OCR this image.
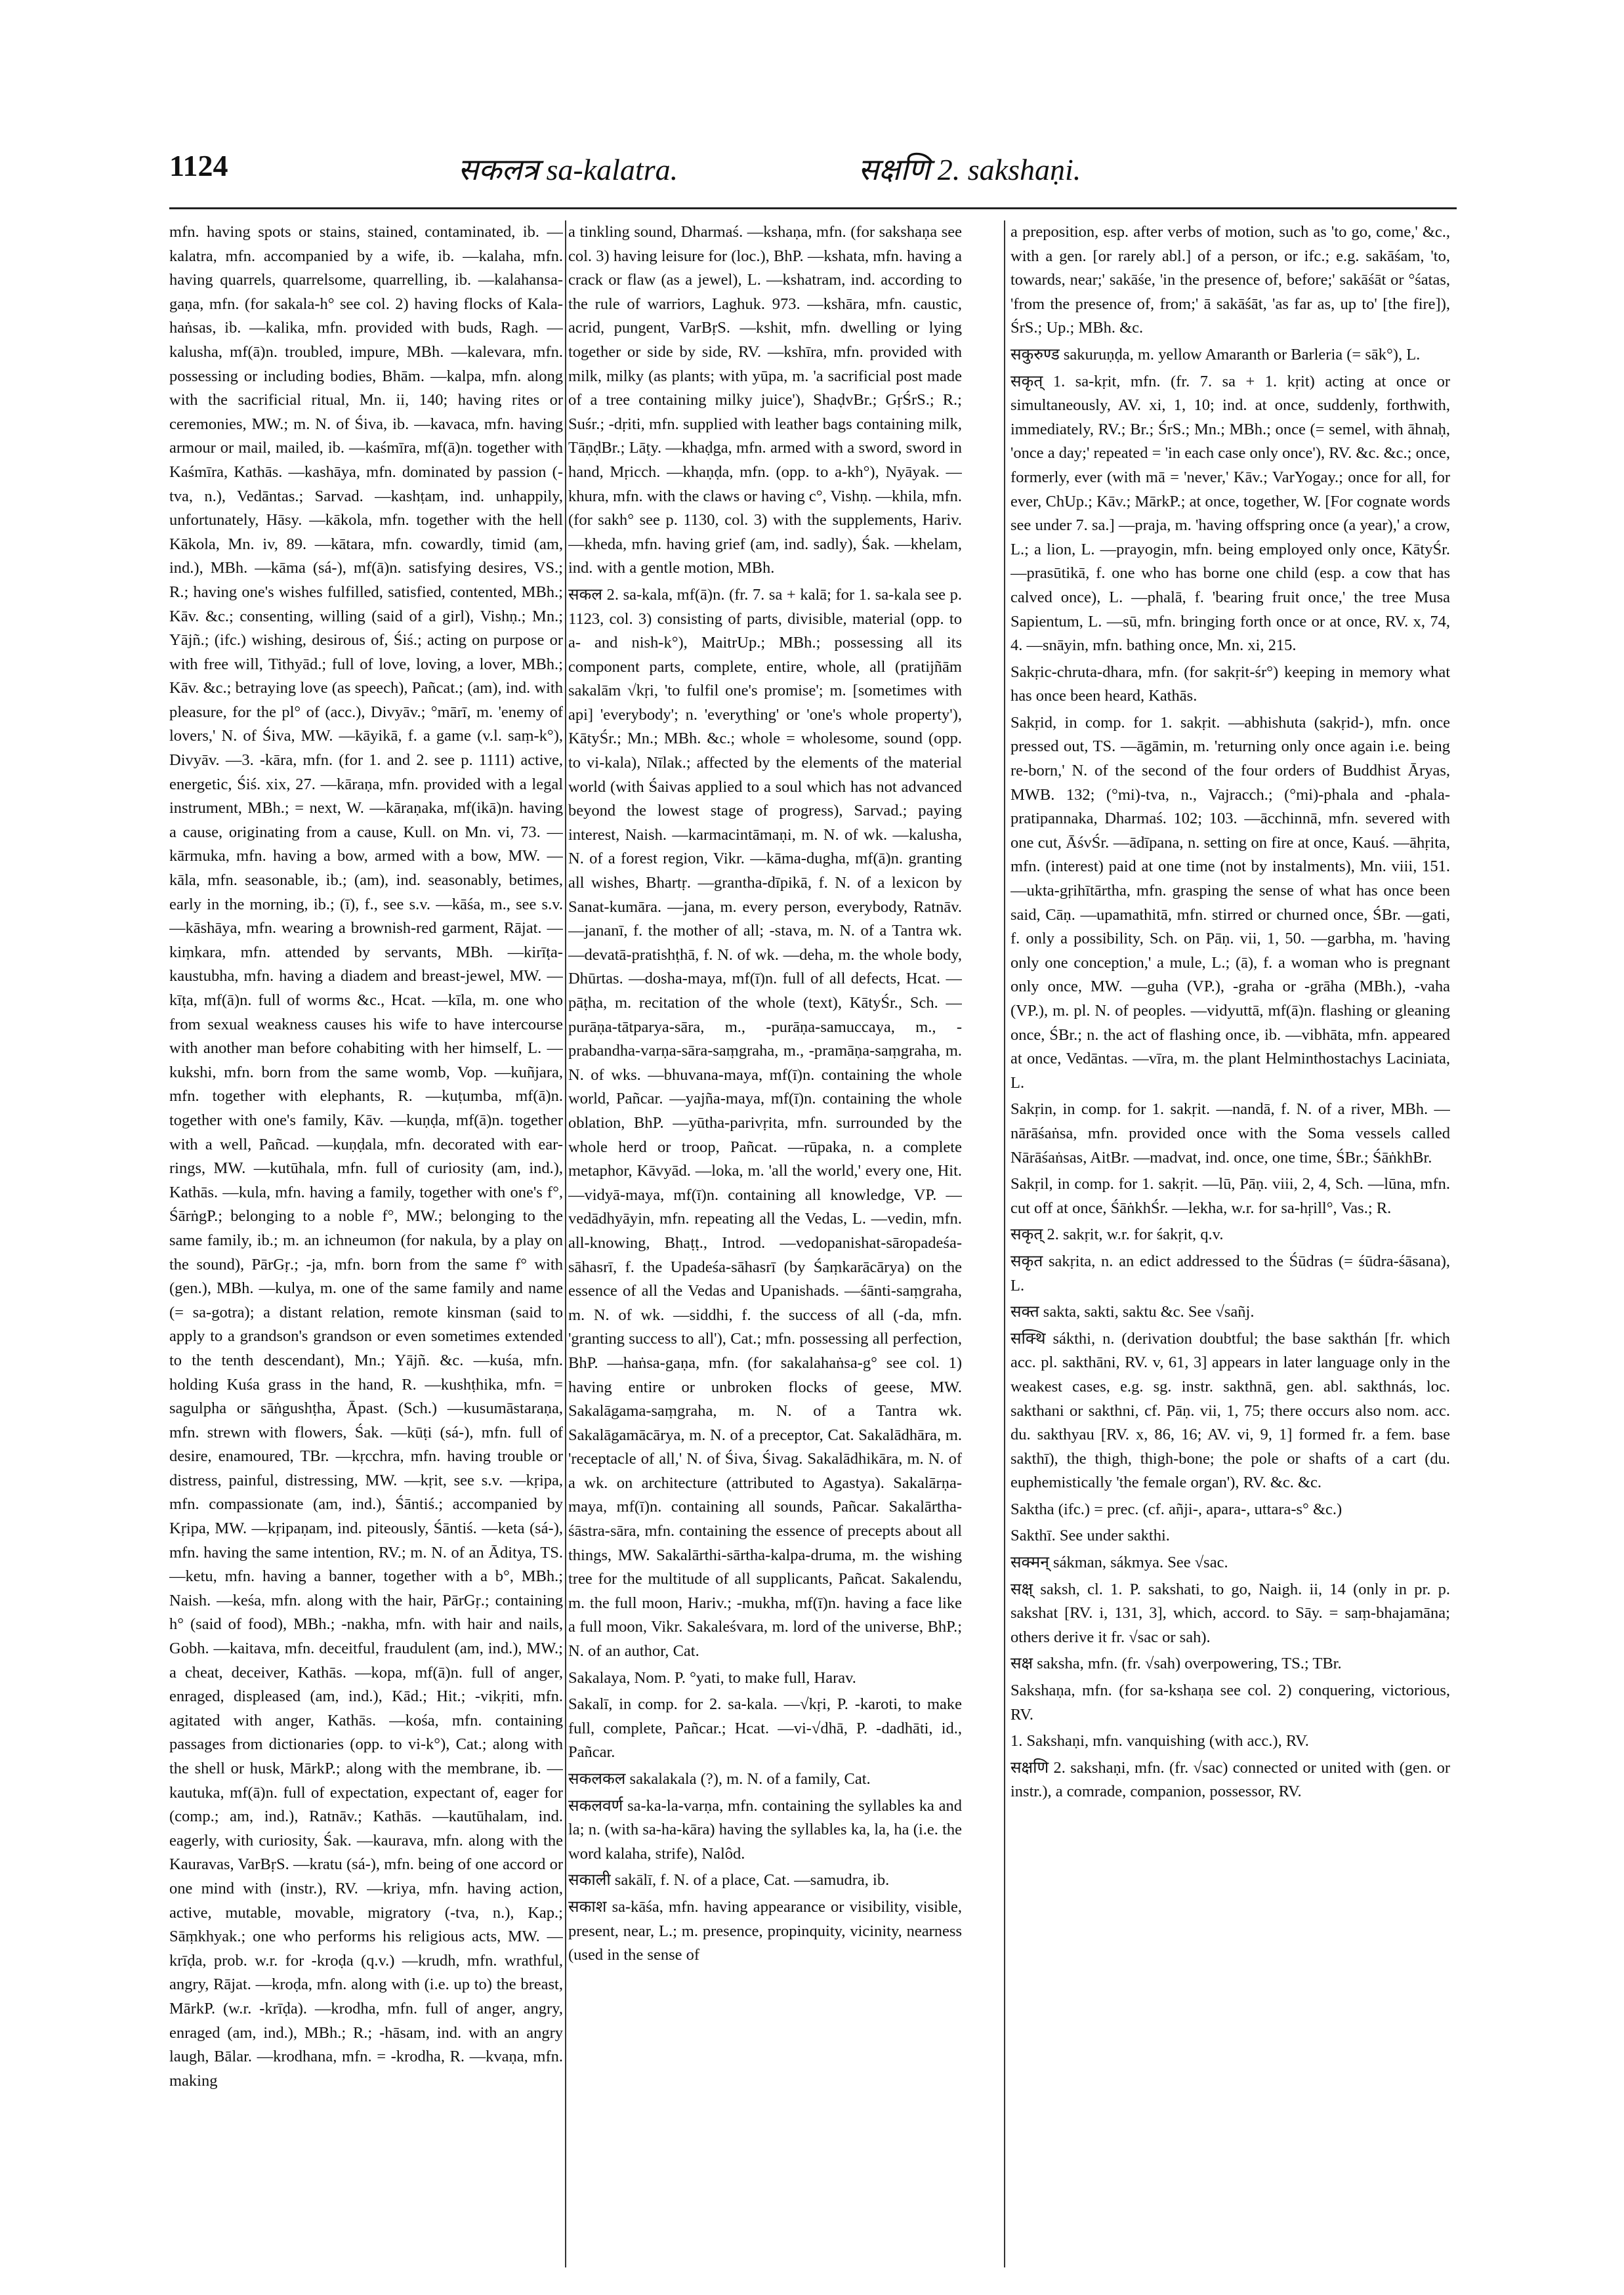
1124	सकलत्र sa-kalatra.	सक्षणि 2. sakshaṇi.

mfn. having spots or stains, stained, contaminated, ib. —kalatra, mfn. accompanied by a wife, ib. —kalaha, mfn. having quarrels, quarrelsome, quarrelling, ib. —kalahansa-gaṇa, mfn. (for sakala-h° see col. 2) having flocks of Kala-haṅsas, ib. —kalika, mfn. provided with buds, Ragh. —kalusha, mf(ā)n. troubled, impure, MBh. —kalevara, mfn. possessing or including bodies, Bhām. —kalpa, mfn. along with the sacrificial ritual, Mn. ii, 140; having rites or ceremonies, MW.; m. N. of Śiva, ib. —kavaca, mfn. having armour or mail, mailed, ib. —kaśmīra, mf(ā)n. together with Kaśmīra, Kathās. —kashāya, mfn. dominated by passion (-tva, n.), Vedāntas.; Sarvad. —kashṭam, ind. unhappily, unfortunately, Hāsy. —kākola, mfn. together with the hell Kākola, Mn. iv, 89. —kātara, mfn. cowardly, timid (am, ind.), MBh. —kāma (sá-), mf(ā)n. satisfying desires, VS.; R.; having one's wishes fulfilled, satisfied, contented, MBh.; Kāv. &c.; consenting, willing (said of a girl), Vishṇ.; Mn.; Yājñ.; (ifc.) wishing, desirous of, Śiś.; acting on purpose or with free will, Tithyād.; full of love, loving, a lover, MBh.; Kāv. &c.; betraying love (as speech), Pañcat.; (am), ind. with pleasure, for the pl° of (acc.), Divyāv.; °mārī, m. 'enemy of lovers,' N. of Śiva, MW. —kāyikā, f. a game (v.l. saṃ-k°), Divyāv. —3. -kāra, mfn. (for 1. and 2. see p. 1111) active, energetic, Śiś. xix, 27. —kāraṇa, mfn. provided with a legal instrument, MBh.; = next, W. —kāraṇaka, mf(ikā)n. having a cause, originating from a cause, Kull. on Mn. vi, 73. —kārmuka, mfn. having a bow, armed with a bow, MW. —kāla, mfn. seasonable, ib.; (am), ind. seasonably, betimes, early in the morning, ib.; (ī), f., see s.v. —kāśa, m., see s.v. —kāshāya, mfn. wearing a brownish-red garment, Rājat. —kiṃkara, mfn. attended by servants, MBh. —kirīṭa-kaustubha, mfn. having a diadem and breast-jewel, MW. —kīṭa, mf(ā)n. full of worms &c., Hcat. —kīla, m. one who from sexual weakness causes his wife to have intercourse with another man before cohabiting with her himself, L. —kukshi, mfn. born from the same womb, Vop. —kuñjara, mfn. together with elephants, R. —kuṭumba, mf(ā)n. together with one's family, Kāv. —kuṇḍa, mf(ā)n. together with a well, Pañcad. —kuṇḍala, mfn. decorated with ear-rings, MW. —kutūhala, mfn. full of curiosity (am, ind.), Kathās. —kula, mfn. having a family, together with one's f°, ŚārṅgP.; belonging to a noble f°, MW.; belonging to the same family, ib.; m. an ichneumon (for nakula, by a play on the sound), PārGṛ.; -ja, mfn. born from the same f° with (gen.), MBh. —kulya, m. one of the same family and name (= sa-gotra); a distant relation, remote kinsman (said to apply to a grandson's grandson or even sometimes extended to the tenth descendant), Mn.; Yājñ. &c. —kuśa, mfn. holding Kuśa grass in the hand, R. —kushṭhika, mfn. = sagulpha or sāṅgushṭha, Āpast. (Sch.) —kusumāstaraṇa, mfn. strewn with flowers, Śak. —kūṭi (sá-), mfn. full of desire, enamoured, TBr. —kṛcchra, mfn. having trouble or distress, painful, distressing, MW. —kṛit, see s.v. —kṛipa, mfn. compassionate (am, ind.), Śāntiś.; accompanied by Kṛipa, MW. —kṛipaṇam, ind. piteously, Śāntiś. —keta (sá-), mfn. having the same intention, RV.; m. N. of an Āditya, TS. —ketu, mfn. having a banner, together with a b°, MBh.; Naish. —keśa, mfn. along with the hair, PārGṛ.; containing h° (said of food), MBh.; -nakha, mfn. with hair and nails, Gobh. —kaitava, mfn. deceitful, fraudulent (am, ind.), MW.; a cheat, deceiver, Kathās. —kopa, mf(ā)n. full of anger, enraged, displeased (am, ind.), Kād.; Hit.; -vikṛiti, mfn. agitated with anger, Kathās. —kośa, mfn. containing passages from dictionaries (opp. to vi-k°), Cat.; along with the shell or husk, MārkP.; along with the membrane, ib. —kautuka, mf(ā)n. full of expectation, expectant of, eager for (comp.; am, ind.), Ratnāv.; Kathās. —kautūhalam, ind. eagerly, with curiosity, Śak. —kaurava, mfn. along with the Kauravas, VarBṛS. —kratu (sá-), mfn. being of one accord or one mind with (instr.), RV. —kriya, mfn. having action, active, mutable, movable, migratory (-tva, n.), Kap.; Sāṃkhyak.; one who performs his religious acts, MW. —krīḍa, prob. w.r. for -kroḍa (q.v.) —krudh, mfn. wrathful, angry, Rājat. —kroḍa, mfn. along with (i.e. up to) the breast, MārkP. (w.r. -krīḍa). —krodha, mfn. full of anger, angry, enraged (am, ind.), MBh.; R.; -hāsam, ind. with an angry laugh, Bālar. —krodhana, mfn. = -krodha, R. —kvaṇa, mfn. making

a tinkling sound, Dharmaś. —kshaṇa, mfn. (for sakshaṇa see col. 3) having leisure for (loc.), BhP. —kshata, mfn. having a crack or flaw (as a jewel), L. —kshatram, ind. according to the rule of warriors, Laghuk. 973. —kshāra, mfn. caustic, acrid, pungent, VarBṛS. —kshit, mfn. dwelling or lying together or side by side, RV. —kshīra, mfn. provided with milk, milky (as plants; with yūpa, m. 'a sacrificial post made of a tree containing milky juice'), ShaḍvBr.; GṛŚrS.; R.; Suśr.; -dṛiti, mfn. supplied with leather bags containing milk, TāṇḍBr.; Lāṭy. —khaḍga, mfn. armed with a sword, sword in hand, Mṛicch. —khaṇḍa, mfn. (opp. to a-kh°), Nyāyak. —khura, mfn. with the claws or having c°, Vishṇ. —khila, mfn. (for sakh° see p. 1130, col. 3) with the supplements, Hariv. —kheda, mfn. having grief (am, ind. sadly), Śak. —khelam, ind. with a gentle motion, MBh.

सकल 2. sa-kala, mf(ā)n. (fr. 7. sa + kalā; for 1. sa-kala see p. 1123, col. 3) consisting of parts, divisible, material (opp. to a- and nish-k°), MaitrUp.; MBh.; possessing all its component parts, complete, entire, whole, all (pratijñām sakalām √kṛi, 'to fulfil one's promise'; m. [sometimes with api] 'everybody'; n. 'everything' or 'one's whole property'), KātyŚr.; Mn.; MBh. &c.; whole = wholesome, sound (opp. to vi-kala), Nīlak.; affected by the elements of the material world (with Śaivas applied to a soul which has not advanced beyond the lowest stage of progress), Sarvad.; paying interest, Naish. —karmacintāmaṇi, m. N. of wk. —kalusha, N. of a forest region, Vikr. —kāma-dugha, mf(ā)n. granting all wishes, Bhartṛ. —grantha-dīpikā, f. N. of a lexicon by Sanat-kumāra. —jana, m. every person, everybody, Ratnāv. —jananī, f. the mother of all; -stava, m. N. of a Tantra wk. —devatā-pratishṭhā, f. N. of wk. —deha, m. the whole body, Dhūrtas. —dosha-maya, mf(ī)n. full of all defects, Hcat. —pāṭha, m. recitation of the whole (text), KātyŚr., Sch. —purāṇa-tātparya-sāra, m., -purāṇa-samuccaya, m., -prabandha-varṇa-sāra-saṃgraha, m., -pramāṇa-saṃgraha, m. N. of wks. —bhuvana-maya, mf(ī)n. containing the whole world, Pañcar. —yajña-maya, mf(ī)n. containing the whole oblation, BhP. —yūtha-parivṛita, mfn. surrounded by the whole herd or troop, Pañcat. —rūpaka, n. a complete metaphor, Kāvyād. —loka, m. 'all the world,' every one, Hit. —vidyā-maya, mf(ī)n. containing all knowledge, VP. —vedādhyāyin, mfn. repeating all the Vedas, L. —vedin, mfn. all-knowing, Bhaṭṭ., Introd. —vedopanishat-sāropadeśa-sāhasrī, f. the Upadeśa-sāhasrī (by Śaṃkarācārya) on the essence of all the Vedas and Upanishads. —śānti-saṃgraha, m. N. of wk. —siddhi, f. the success of all (-da, mfn. 'granting success to all'), Cat.; mfn. possessing all perfection, BhP. —haṅsa-gaṇa, mfn. (for sakalahaṅsa-g° see col. 1) having entire or unbroken flocks of geese, MW. Sakalāgama-saṃgraha, m. N. of a Tantra wk. Sakalāgamācārya, m. N. of a preceptor, Cat. Sakalādhāra, m. 'receptacle of all,' N. of Śiva, Śivag. Sakalādhikāra, m. N. of a wk. on architecture (attributed to Agastya). Sakalārṇa-maya, mf(ī)n. containing all sounds, Pañcar. Sakalārtha-śāstra-sāra, mfn. containing the essence of precepts about all things, MW. Sakalārthi-sārtha-kalpa-druma, m. the wishing tree for the multitude of all supplicants, Pañcat. Sakalendu, m. the full moon, Hariv.; -mukha, mf(ī)n. having a face like a full moon, Vikr. Sakaleśvara, m. lord of the universe, BhP.; N. of an author, Cat.

Sakalaya, Nom. P. °yati, to make full, Harav.

Sakalī, in comp. for 2. sa-kala. —√kṛi, P. -karoti, to make full, complete, Pañcar.; Hcat. —vi-√dhā, P. -dadhāti, id., Pañcar.

सकलकल sakalakala (?), m. N. of a family, Cat.

सकलवर्ण sa-ka-la-varṇa, mfn. containing the syllables ka and la; n. (with sa-ha-kāra) having the syllables ka, la, ha (i.e. the word kalaha, strife), Nalôd.

सकाली sakālī, f. N. of a place, Cat. —samudra, ib.

सकाश sa-kāśa, mfn. having appearance or visibility, visible, present, near, L.; m. presence, propinquity, vicinity, nearness (used in the sense of

a preposition, esp. after verbs of motion, such as 'to go, come,' &c., with a gen. [or rarely abl.] of a person, or ifc.; e.g. sakāśam, 'to, towards, near;' sakāśe, 'in the presence of, before;' sakāśāt or °śatas, 'from the presence of, from;' ā sakāśāt, 'as far as, up to' [the fire]), ŚrS.; Up.; MBh. &c.

सकुरुण्ड sakuruṇḍa, m. yellow Amaranth or Barleria (= sāk°), L.

सकृत् 1. sa-kṛit, mfn. (fr. 7. sa + 1. kṛit) acting at once or simultaneously, AV. xi, 1, 10; ind. at once, suddenly, forthwith, immediately, RV.; Br.; ŚrS.; Mn.; MBh.; once (= semel, with āhnaḥ, 'once a day;' repeated = 'in each case only once'), RV. &c. &c.; once, formerly, ever (with mā = 'never,' Kāv.; VarYogay.; once for all, for ever, ChUp.; Kāv.; MārkP.; at once, together, W. [For cognate words see under 7. sa.] —praja, m. 'having offspring once (a year),' a crow, L.; a lion, L. —prayogin, mfn. being employed only once, KātyŚr. —prasūtikā, f. one who has borne one child (esp. a cow that has calved once), L. —phalā, f. 'bearing fruit once,' the tree Musa Sapientum, L. —sū, mfn. bringing forth once or at once, RV. x, 74, 4. —snāyin, mfn. bathing once, Mn. xi, 215.

Sakṛic-chruta-dhara, mfn. (for sakṛit-śr°) keeping in memory what has once been heard, Kathās.

Sakṛid, in comp. for 1. sakṛit. —abhishuta (sakṛid-), mfn. once pressed out, TS. —āgāmin, m. 'returning only once again i.e. being re-born,' N. of the second of the four orders of Buddhist Āryas, MWB. 132; (°mi)-tva, n., Vajracch.; (°mi)-phala and -phala-pratipannaka, Dharmaś. 102; 103. —ācchinnā, mfn. severed with one cut, ĀśvŚr. —ādīpana, n. setting on fire at once, Kauś. —āhṛita, mfn. (interest) paid at one time (not by instalments), Mn. viii, 151. —ukta-gṛihītārtha, mfn. grasping the sense of what has once been said, Cāṇ. —upamathitā, mfn. stirred or churned once, ŚBr. —gati, f. only a possibility, Sch. on Pāṇ. vii, 1, 50. —garbha, m. 'having only one conception,' a mule, L.; (ā), f. a woman who is pregnant only once, MW. —guha (VP.), -graha or -grāha (MBh.), -vaha (VP.), m. pl. N. of peoples. —vidyuttā, mf(ā)n. flashing or gleaning once, ŚBr.; n. the act of flashing once, ib. —vibhāta, mfn. appeared at once, Vedāntas. —vīra, m. the plant Helminthostachys Laciniata, L.

Sakṛin, in comp. for 1. sakṛit. —nandā, f. N. of a river, MBh. —nārāśaṅsa, mfn. provided once with the Soma vessels called Nārāśaṅsas, AitBr. —madvat, ind. once, one time, ŚBr.; ŚāṅkhBr.

Sakṛil, in comp. for 1. sakṛit. —lū, Pāṇ. viii, 2, 4, Sch. —lūna, mfn. cut off at once, ŚāṅkhŚr. —lekha, w.r. for sa-hṛill°, Vas.; R.

सकृत् 2. sakṛit, w.r. for śakṛit, q.v.

सकृत sakṛita, n. an edict addressed to the Śūdras (= śūdra-śāsana), L.

सक्त sakta, sakti, saktu &c. See √sañj.

सक्थि sákthi, n. (derivation doubtful; the base sakthán [fr. which acc. pl. sakthāni, RV. v, 61, 3] appears in later language only in the weakest cases, e.g. sg. instr. sakthnā, gen. abl. sakthnás, loc. sakthani or sakthni, cf. Pāṇ. vii, 1, 75; there occurs also nom. acc. du. sakthyau [RV. x, 86, 16; AV. vi, 9, 1] formed fr. a fem. base sakthī), the thigh, thigh-bone; the pole or shafts of a cart (du. euphemistically 'the female organ'), RV. &c. &c.

Saktha (ifc.) = prec. (cf. añji-, apara-, uttara-s° &c.)

Sakthī. See under sakthi.

सक्मन् sákman, sákmya. See √sac.

सक्ष् saksh, cl. 1. P. sakshati, to go, Naigh. ii, 14 (only in pr. p. sakshat [RV. i, 131, 3], which, accord. to Sāy. = saṃ-bhajamāna; others derive it fr. √sac or sah).

सक्ष saksha, mfn. (fr. √sah) overpowering, TS.; TBr.

Sakshaṇa, mfn. (for sa-kshaṇa see col. 2) conquering, victorious, RV.

1. Sakshaṇi, mfn. vanquishing (with acc.), RV.

सक्षणि 2. sakshaṇi, mfn. (fr. √sac) connected or united with (gen. or instr.), a comrade, companion, possessor, RV.
